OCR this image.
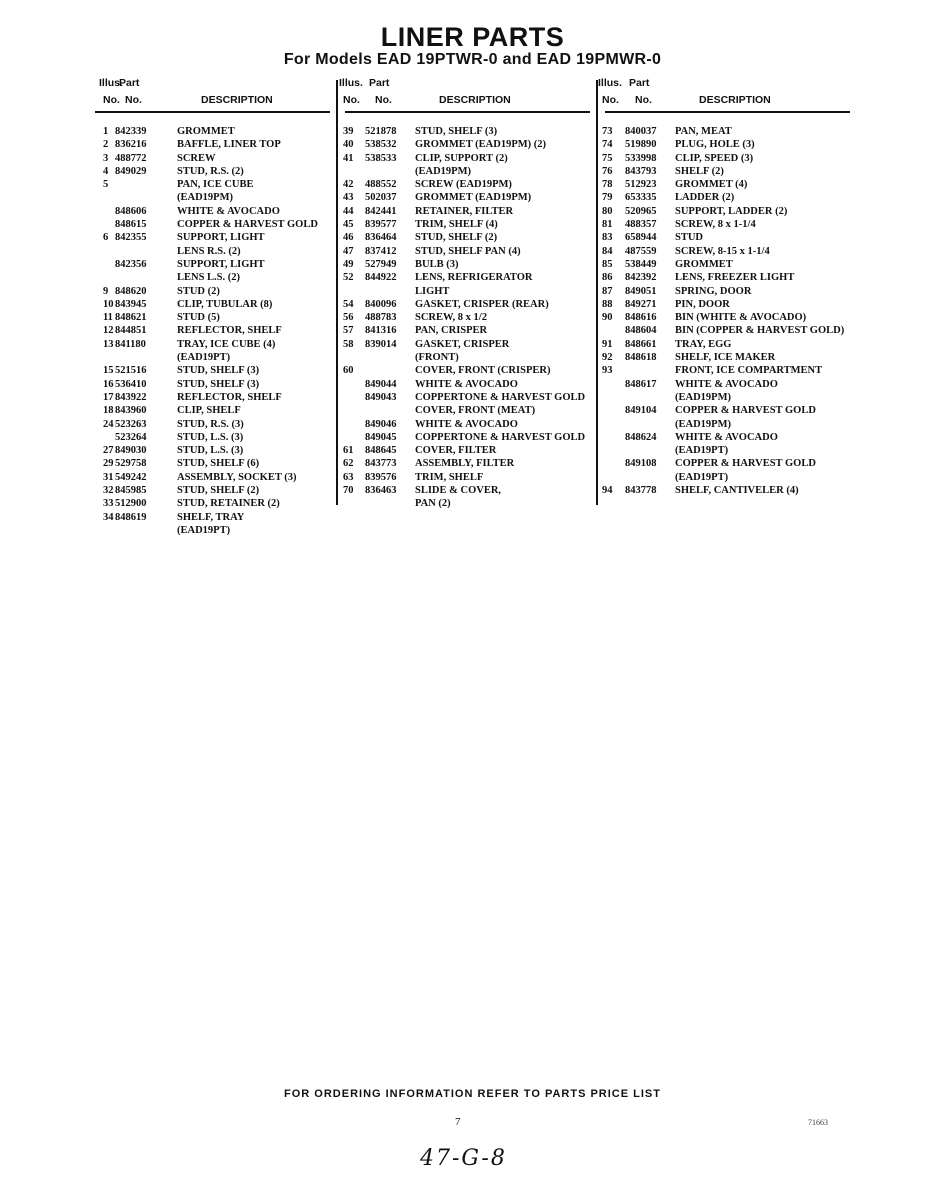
LINER PARTS
For Models EAD 19PTWR-0 and EAD 19PMWR-0
Illus.
Part
No. No.	DESCRIPTION
1 842339	GROMMET
2 836216	BAFFLE, LINER TOP
3 488772	SCREW
4 849029	STUD, R.S. (2)
5	PAN, ICE CUBE
(EAD19PM)
848606	WHITE & AVOCADO
848615	COPPER & HARVEST GOLD
6 842355	SUPPORT, LIGHT
LENS R.S. (2)
842356	SUPPORT, LIGHT
LENS L.S. (2)
9 848620	STUD (2)
10 843945	CLIP, TUBULAR (8)
11 848621	STUD (5)
12 844851	REFLECTOR, SHELF
13 841180	TRAY, ICE CUBE (4)
(EAD19PT)
15 521516	STUD, SHELF (3)
16 536410	STUD, SHELF (3)
17 843922	REFLECTOR, SHELF
18 843960	CLIP, SHELF
24 523263	STUD, R.S. (3)
523264	STUD, L.S. (3)
27 849030	STUD, L.S. (3)
29 529758	STUD, SHELF (6)
31 549242	ASSEMBLY, SOCKET (3)
32 845985	STUD, SHELF (2)
33 512900	STUD, RETAINER (2)
34 848619	SHELF, TRAY
(EAD19PT)
Illus. Part
No. No.	DESCRIPTION
39 521878 STUD, SHELF (3)
40 538532 GROMMET (EAD19PM) (2)
41 538533 CLIP, SUPPORT (2)
(EAD19PM)
42 488552 SCREW (EAD19PM)
43 502037 GROMMET (EAD19PM)
44 842441 RETAINER, FILTER
45 839577 TRIM, SHELF (4)
46 836464 STUD, SHELF (2)
47 837412 STUD, SHELF PAN (4)
49 527949 BULB (3)
52 844922 LENS, REFRIGERATOR
LIGHT
54 840096 GASKET, CRISPER (REAR)
56 488783 SCREW, 8 x 1/2
57 841316 PAN, CRISPER
58 839014 GASKET, CRISPER
(FRONT)
60	COVER, FRONT (CRISPER)
849044 WHITE & AVOCADO
849043 COPPERTONE & HARVEST GOLD
COVER, FRONT (MEAT)
849046 WHITE & AVOCADO
849045 COPPERTONE & HARVEST GOLD
61 848645 COVER, FILTER
62 843773 ASSEMBLY, FILTER
63 839576 TRIM, SHELF
70 836463 SLIDE & COVER,
PAN (2)
Illus. Part
No. No.	DESCRIPTION
73 840037 PAN, MEAT
74 519890 PLUG, HOLE (3)
75 533998 CLIP, SPEED (3)
76 843793 SHELF (2)
78 512923 GROMMET (4)
79 653335 LADDER (2)
80 520965 SUPPORT, LADDER (2)
81 488357 SCREW, 8 x 1-1/4
83 658944 STUD
84 487559 SCREW, 8-15 x 1-1/4
85 538449 GROMMET
86 842392 LENS, FREEZER LIGHT
87 849051 SPRING, DOOR
88 849271 PIN, DOOR
90 848616 BIN (WHITE & AVOCADO)
848604 BIN (COPPER & HARVEST GOLD)
91 848661 TRAY, EGG
92 848618 SHELF, ICE MAKER
93	FRONT, ICE COMPARTMENT
848617 WHITE & AVOCADO
(EAD19PM)
849104 COPPER & HARVEST GOLD
(EAD19PM)
848624 WHITE & AVOCADO
(EAD19PT)
849108 COPPER & HARVEST GOLD
(EAD19PT)
94 843778 SHELF, CANTIVELER (4)
FOR ORDERING INFORMATION REFER TO PARTS PRICE LIST
7	71663
47-G-8
